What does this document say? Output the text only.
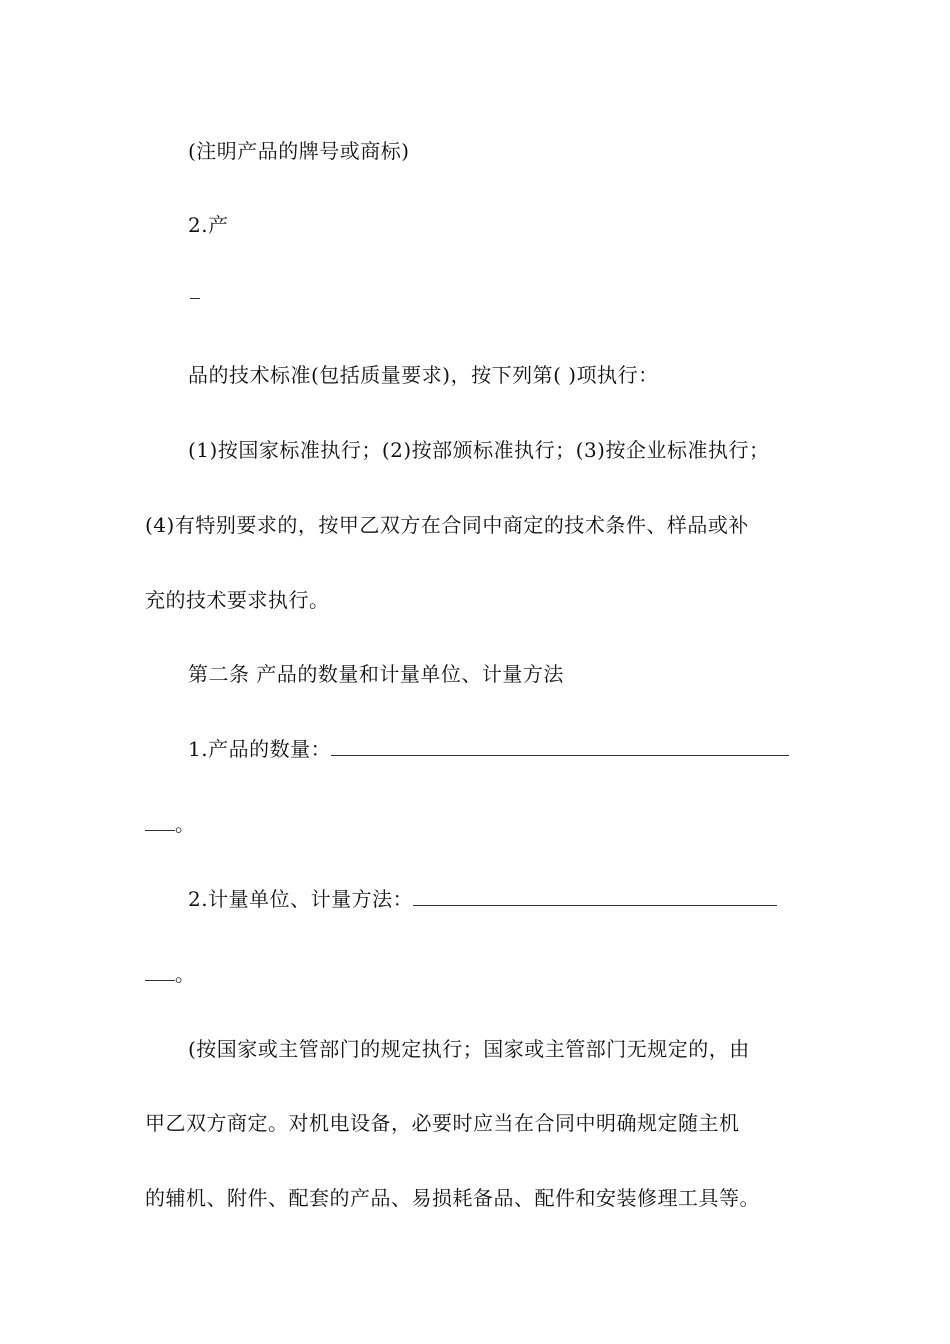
(注明产品的牌号或商标)
2.产
品的技术标准(包括质量要求)，按下列第( )项执行：
(1)按国家标准执行；(2)按部颁标准执行；(3)按企业标准执行；
(4)有特别要求的，按甲乙双方在合同中商定的技术条件、样品或补
充的技术要求执行。
第二条 产品的数量和计量单位、计量方法
1.产品的数量：
。
2.计量单位、计量方法：
。
(按国家或主管部门的规定执行；国家或主管部门无规定的，由
甲乙双方商定。对机电设备，必要时应当在合同中明确规定随主机
的辅机、附件、配套的产品、易损耗备品、配件和安装修理工具等。
